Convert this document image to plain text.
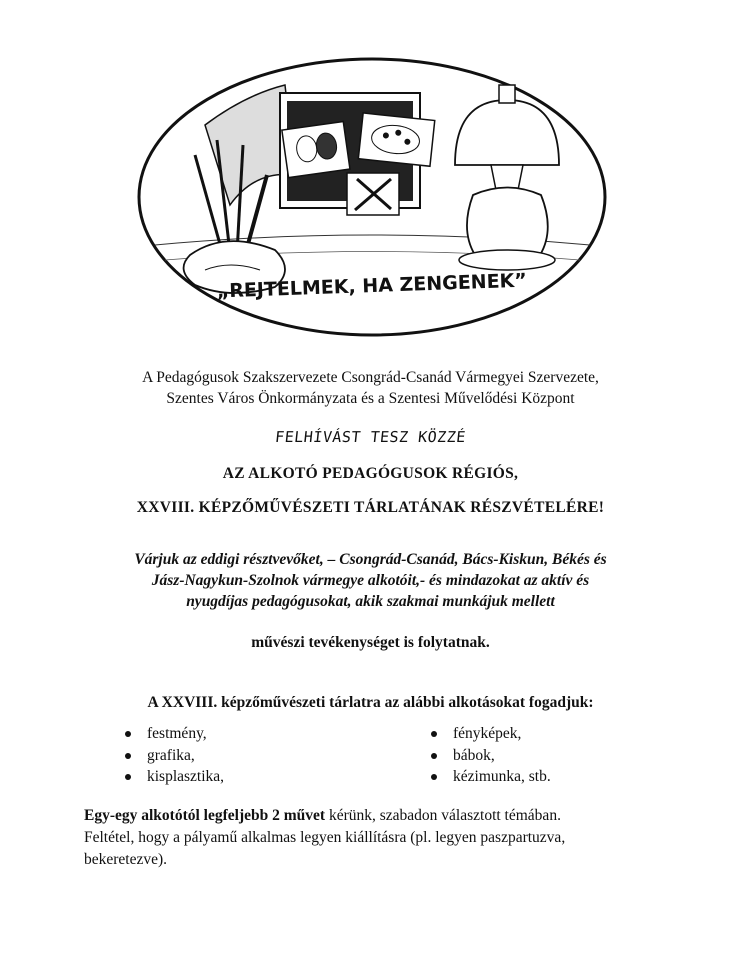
„REJTELMEK, HA ZENGENEK”
A Pedagógusok Szakszervezete Csongrád-Csanád Vármegyei Szervezete,
Szentes Város Önkormányzata és a Szentesi Művelődési Központ
FELHÍVÁST TESZ KÖZZÉ
AZ ALKOTÓ PEDAGÓGUSOK RÉGIÓS,
XXVIII. KÉPZŐMŰVÉSZETI TÁRLATÁNAK RÉSZVÉTELÉRE!
Várjuk az eddigi résztvevőket, – Csongrád-Csanád, Bács-Kiskun, Békés és
Jász-Nagykun-Szolnok vármegye alkotóit,- és mindazokat az aktív és
nyugdíjas pedagógusokat, akik szakmai munkájuk mellett
művészi tevékenységet is folytatnak.
A XXVIII. képzőművészeti tárlatra az alábbi alkotásokat fogadjuk:
festmény,
grafika,
kisplasztika,
fényképek,
bábok,
kézimunka, stb.
Egy-egy alkotótól legfeljebb 2 művet kérünk, szabadon választott témában.
Feltétel, hogy a pályamű alkalmas legyen kiállításra (pl. legyen paszpartuzva,
bekeretezve).
